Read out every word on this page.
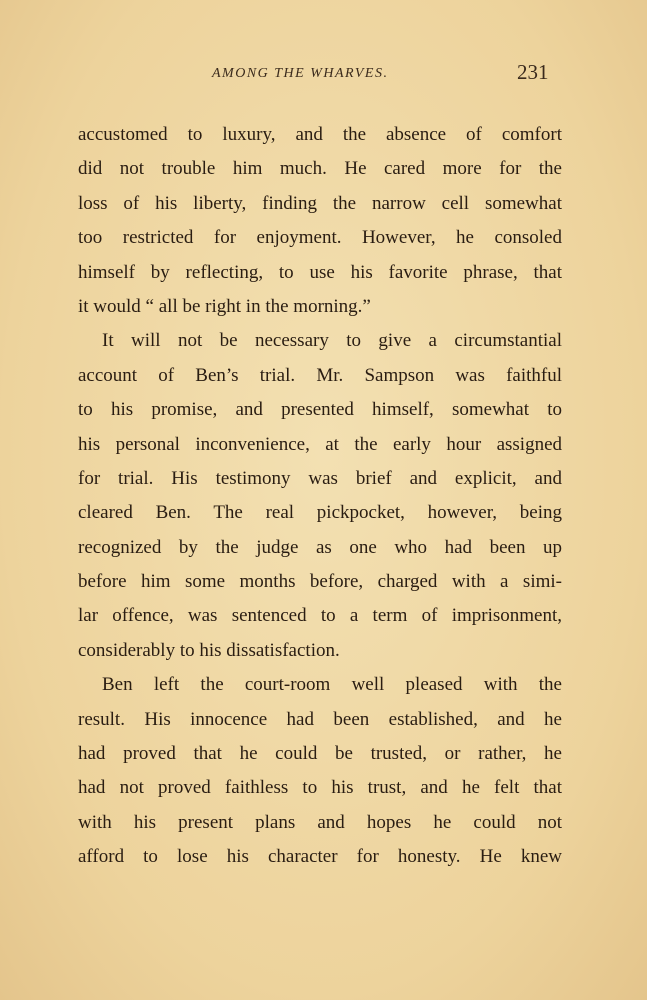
AMONG THE WHARVES.	231
accustomed to luxury, and the absence of comfort
did not trouble him much. He cared more for the
loss of his liberty, finding the narrow cell somewhat
too restricted for enjoyment. However, he consoled
himself by reflecting, to use his favorite phrase, that
it would “ all be right in the morning.”
It will not be necessary to give a circumstantial
account of Ben’s trial. Mr. Sampson was faithful
to his promise, and presented himself, somewhat to
his personal inconvenience, at the early hour assigned
for trial. His testimony was brief and explicit, and
cleared Ben. The real pickpocket, however, being
recognized by the judge as one who had been up
before him some months before, charged with a simi-
lar offence, was sentenced to a term of imprisonment,
considerably to his dissatisfaction.
Ben left the court-room well pleased with the
result. His innocence had been established, and he
had proved that he could be trusted, or rather, he
had not proved faithless to his trust, and he felt that
with his present plans and hopes he could not
afford to lose his character for honesty. He knew
